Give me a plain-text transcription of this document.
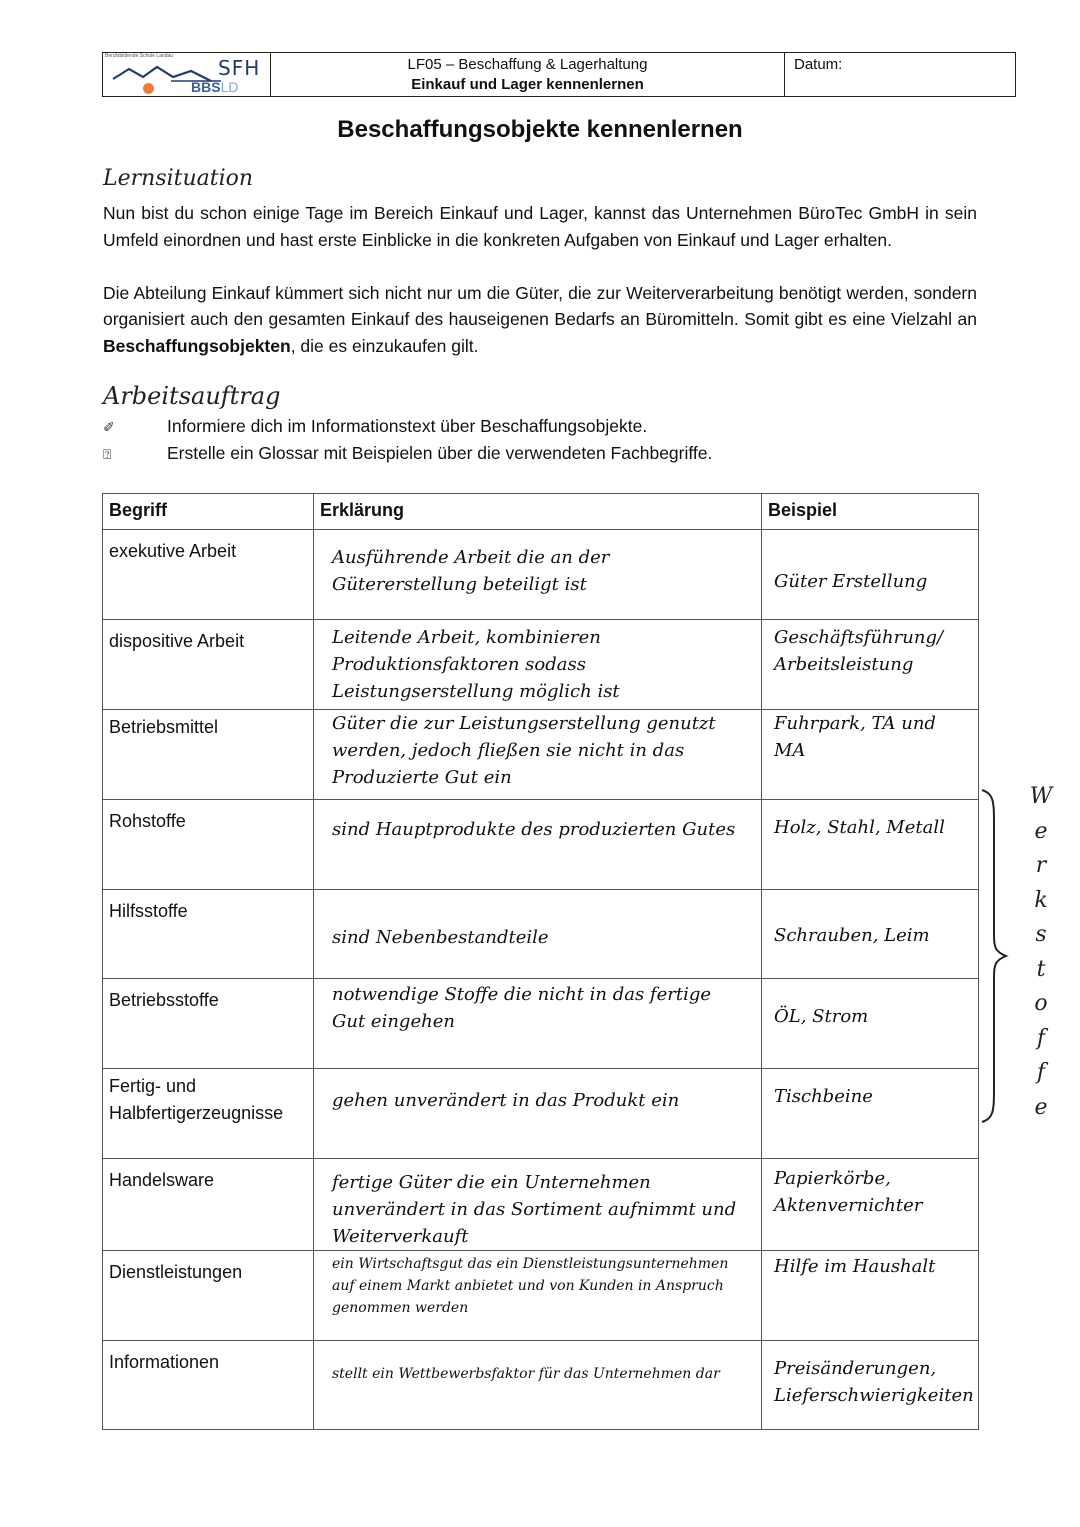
Berufsbildende Schule Landau SFH
BBSLD
LF05 – Beschaffung & Lagerhaltung
Einkauf und Lager kennenlernen
Datum:
Beschaffungsobjekte kennenlernen
Lernsituation
Nun bist du schon einige Tage im Bereich Einkauf und Lager, kannst das Unternehmen BüroTec GmbH in sein Umfeld einordnen und hast erste Einblicke in die konkreten Aufgaben von Einkauf und Lager erhalten.
Die Abteilung Einkauf kümmert sich nicht nur um die Güter, die zur Weiterverarbeitung benötigt werden, sondern organisiert auch den gesamten Einkauf des hauseigenen Bedarfs an Büromitteln. Somit gibt es eine Vielzahl an Beschaffungsobjekten, die es einzukaufen gilt.
Arbeitsauftrag
✐	Informiere dich im Informationstext über Beschaffungsobjekte.
⍰	Erstelle ein Glossar mit Beispielen über die verwendeten Fachbegriffe.
Begriff	Erklärung	Beispiel
exekutive Arbeit	Ausführende Arbeit die an der Gütererstellung beteiligt ist	Güter Erstellung
dispositive Arbeit	Leitende Arbeit, kombinieren Produktionsfaktoren sodass Leistungserstellung möglich ist	Geschäftsführung/ Arbeitsleistung
Betriebsmittel	Güter die zur Leistungserstellung genutzt werden, jedoch fließen sie nicht in das Produzierte Gut ein	Fuhrpark, TA und MA
Rohstoffe	sind Hauptprodukte des produzierten Gutes	Holz, Stahl, Metall
Hilfsstoffe	sind Nebenbestandteile	Schrauben, Leim
Betriebsstoffe	notwendige Stoffe die nicht in das fertige Gut eingehen	ÖL, Strom
Fertig- und Halbfertigerzeugnisse	gehen unverändert in das Produkt ein	Tischbeine
Handelsware	fertige Güter die ein Unternehmen unverändert in das Sortiment aufnimmt und Weiterverkauft	Papierkörbe, Aktenvernichter
Dienstleistungen	ein Wirtschaftsgut das ein Dienstleistungsunternehmen auf einem Markt anbietet und von Kunden in Anspruch genommen werden	Hilfe im Haushalt
Informationen	stellt ein Wettbewerbsfaktor für das Unternehmen dar	Preisänderungen, Lieferschwierigkeiten
W
e
r
k
s
t
o
f
f
e
